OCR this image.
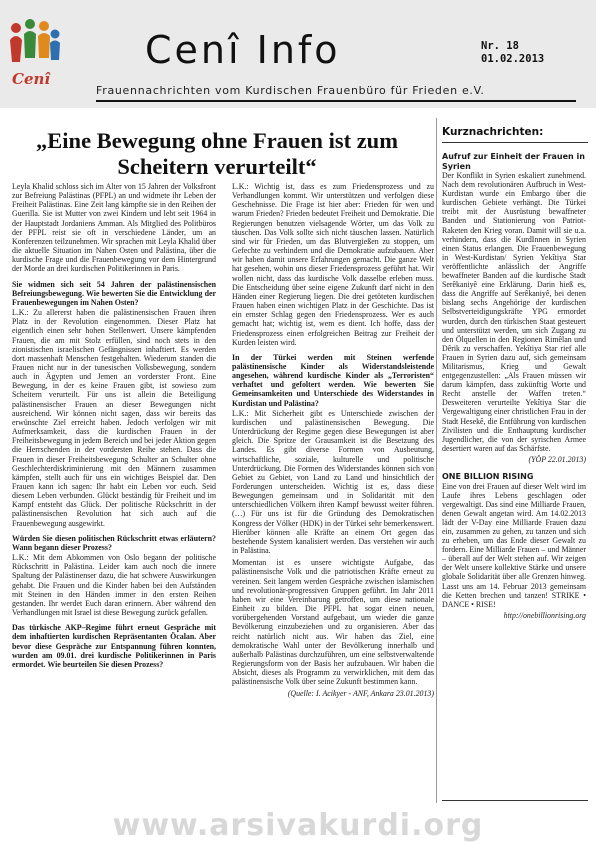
Cenî
Cenî Info	Nr. 18
01.02.2013
Frauennachrichten vom Kurdischen Frauenbüro für Frieden e.V.
„Eine Bewegung ohne Frauen ist zum Scheitern verurteilt“

Leyla Khalid schloss sich im Alter von 15 Jahren der Volksfront zur Befreiung Palästinas (PFPL) an und widmete ihr Leben der Freiheit Palästinas. Eine Zeit lang kämpfte sie in den Reihen der Guerilla. Sie ist Mutter von zwei Kindern und lebt seit 1964 in der Hauptstadt Jordaniens Amman. Als Mitglied des Politbüros der PFPL reist sie oft in verschiedene Länder, um an Konferenzen teilzunehmen. Wir sprachen mit Leyla Khalid über die aktuelle Situation im Nahen Osten und Palästina, über die kurdische Frage und die Frauenbewegung vor dem Hintergrund der Morde an drei kurdischen Politikerinnen in Paris.

Sie widmen sich seit 54 Jahren der palästinensischen Befreiungsbewegung. Wie bewerten Sie die Entwicklung der Frauenbewegungen im Nahen Osten?

L.K.: Zu allererst haben die palästinensischen Frauen ihren Platz in der Revolution eingenommen. Dieser Platz hat eigentlich einen sehr hohen Stellenwert. Unsere kämpfenden Frauen, die am mit Stolz erfüllen, sind noch stets in den zionistischen israelischen Gefängnissen inhaftiert. Es werden dort massenhaft Menschen festgehalten. Wiederum standen die Frauen nicht nur in der tunesischen Volksbewegung, sondern auch in Ägypten und Jemen an vorderster Front. Eine Bewegung, in der es keine Frauen gibt, ist sowieso zum Scheitern verurteilt. Für uns ist allein die Beteiligung palästinensischer Frauen an dieser Bewegungen nicht ausreichend. Wir können nicht sagen, dass wir bereits das erwünschte Ziel erreicht haben. Jedoch verfolgen wir mit Aufmerksamkeit, dass die kurdischen Frauen in der Freiheitsbewegung in jedem Bereich und bei jeder Aktion gegen die Herrschenden in der vordersten Reihe stehen. Dass die Frauen in dieser Freiheitsbewegung Schulter an Schulter ohne Geschlechterdiskriminierung mit den Männern zusammen kämpfen, stellt auch für uns ein wichtiges Beispiel dar. Den Frauen kann ich sagen: Ihr habt ein Leben vor euch. Seid diesem Leben verbunden. Glückt beständig für Freiheit und im Kampf entsteht das Glück. Der politische Rückschritt in der palästinensischen Revolution hat sich auch auf die Frauenbewegung ausgewirkt.

Würden Sie diesen politischen Rückschritt etwas erläutern? Wann begann dieser Prozess?

L.K.: Mit dem Abkommen von Oslo begann der politische Rückschritt in Palästina. Leider kam auch noch die innere Spaltung der Palästinenser dazu, die hat schwere Auswirkungen gehabt. Die Frauen und die Kinder haben bei den Aufständen mit Steinen in den Händen immer in den ersten Reihen gestanden. Ihr werdet Euch daran erinnern. Aber während den Verhandlungen mit Israel ist diese Bewegung zurück gefallen.

Das türkische AKP–Regime führt erneut Gespräche mit dem inhaftierten kurdischen Repräsentanten Öcalan. Aber bevor diese Gespräche zur Entspannung führen konnten, wurden am 09.01. drei kurdische Politikerinnen in Paris ermordet. Wie beurteilen Sie diesen Prozess?

L.K.: Wichtig ist, dass es zum Friedensprozess und zu Verhandlungen kommt. Wir unterstützen und verfolgen diese Geschehnisse. Die Frage ist hier aber: Frieden für wen und warum Frieden? Frieden bedeutet Freiheit und Demokratie. Die Regierungen benutzen vielsagende Wörter, um das Volk zu täuschen. Das Volk sollte sich nicht täuschen lassen. Natürlich sind wir für Frieden, um das Blutvergießen zu stoppen, um Gefechte zu verhindern und die Demokratie aufzubauen. Aber wir haben damit unsere Erfahrungen gemacht. Die ganze Welt hat gesehen, wohin uns dieser Friedensprozess geführt hat. Wir wollen nicht, dass das kurdische Volk dasselbe erleben muss. Die Entscheidung über seine eigene Zukunft darf nicht in den Händen einer Regierung liegen. Die drei getöteten kurdischen Frauen haben einen wichtigen Platz in der Geschichte. Das ist ein ernster Schlag gegen den Friedensprozess. Wer es auch gemacht hat; wichtig ist, wem es dient. Ich hoffe, dass der Friedensprozess einen erfolgreichen Beitrag zur Freiheit der Kurden leisten wird.

In der Türkei werden mit Steinen werfende palästinensische Kinder als Widerstandsleistende angesehen, während kurdische Kinder als „Terroristen“ verhaftet und gefoltert werden. Wie bewerten Sie Gemeinsamkeiten und Unterschiede des Widerstandes in Kurdistan und Palästina?

L.K.: Mit Sicherheit gibt es Unterschiede zwischen der kurdischen und palästinensischen Bewegung. Die Unterdrückung der Regime gegen diese Bewegungen ist aber gleich. Die Spritze der Grausamkeit ist die Besetzung des Landes. Es gibt diverse Formen von Ausbeutung, wirtschaftliche, soziale, kulturelle und politische Unterdrückung. Die Formen des Widerstandes können sich von Gebiet zu Gebiet, von Land zu Land und hinsichtlich der Forderungen unterscheiden. Wichtig ist es, dass diese Bewegungen gemeinsam und in Solidarität mit den unterschiedlichen Völkern ihren Kampf bewusst weiter führen. (…) Für uns ist für die Gründung des Demokratischen Kongress der Völker (HDK) in der Türkei sehr bemerkenswert. Hierüber können alle Kräfte an einem Ort gegen das bestehende System kanalisiert werden. Das verstehen wir auch in Palästina.

Momentan ist es unsere wichtigste Aufgabe, das palästinensische Volk und die patriotischen Kräfte erneut zu vereinen. Seit langem werden Gespräche zwischen islamischen und revolutionär-progressiven Gruppen geführt. Im Jahr 2011 haben wir eine Vereinbarung getroffen, um diese nationale Einheit zu bilden. Die PFPL hat sogar einen neuen, vorübergehenden Vorstand aufgebaut, um wieder die ganze Bevölkerung einzubeziehen und zu organisieren. Aber das reicht natürlich nicht aus. Wir haben das Ziel, eine demokratische Wahl unter der Bevölkerung innerhalb und außerhalb Palästinas durchzuführen, um eine selbstverwaltende Regierungsform von der Basis her aufzubauen. Wir haben die Absicht, dieses als Programm zu verwirklichen, mit dem das palästinensische Volk über seine Zukunft bestimmen kann.

(Quelle: I. Acikyer - ANF, Ankara 23.01.2013)

Kurznachrichten:

Aufruf zur Einheit der Frauen in Syrien

Der Konflikt in Syrien eskaliert zunehmend. Nach dem revolutionären Aufbruch in West-Kurdistan wurde ein Embargo über die kurdischen Gebiete verhängt. Die Türkei treibt mit der Ausrüstung bewaffneter Banden und Stationierung von Patriot-Raketen den Krieg voran. Damit will sie u.a. verhindern, dass die KurdInnen in Syrien einen Status erlangen. Die Frauenbewegung in West-Kurdistan/ Syrien Yekîtiya Star veröffentlichte anlässlich der Angriffe bewaffneter Banden auf die kurdische Stadt Serêkaniyê eine Erklärung. Darin hieß es, dass die Angriffe auf Serêkaniyê, bei denen bislang sechs Angehörige der kurdischen Selbstverteidigungskräfte YPG ermordet wurden, durch den türkischen Staat gesteuert und unterstützt werden, um sich Zugang zu den Ölquellen in den Regionen Rimêlan und Dêrik zu verschaffen. Yekîtiya Star rief alle Frauen in Syrien dazu auf, sich gemeinsam Militarismus, Krieg und Gewalt entgegenzustellen: „Als Frauen müssen wir darum kämpfen, dass zukünftig Worte und Recht anstelle der Waffen treten.“ Desweiteren verurteilte Yekîtiya Star die Vergewaltigung einer christlichen Frau in der Stadt Hesekê, die Entführung von kurdischen Zivilisten und die Enthauptung kurdischer Jugendlicher, die von der syrischen Armee desertiert waren auf das Schärfste.

(YÖP 22.01.2013)

ONE BILLION RISING

Eine von drei Frauen auf dieser Welt wird im Laufe ihres Lebens geschlagen oder vergewaltigt. Das sind eine Milliarde Frauen, denen Gewalt angetan wird. Am 14.02.2013 lädt der V-Day eine Milliarde Frauen dazu ein, zusammen zu gehen, zu tanzen und sich zu erheben, um das Ende dieser Gewalt zu fordern. Eine Milliarde Frauen – und Männer – überall auf der Welt stehen auf. Wir zeigen der Welt unsere kollektive Stärke und unsere globale Solidarität über alle Grenzen hinweg. Lasst uns am 14. Februar 2013 gemeinsam die Ketten brechen und tanzen! STRIKE • DANCE • RISE!

http://onebillionrising.org

www.arsivakurdi.org
